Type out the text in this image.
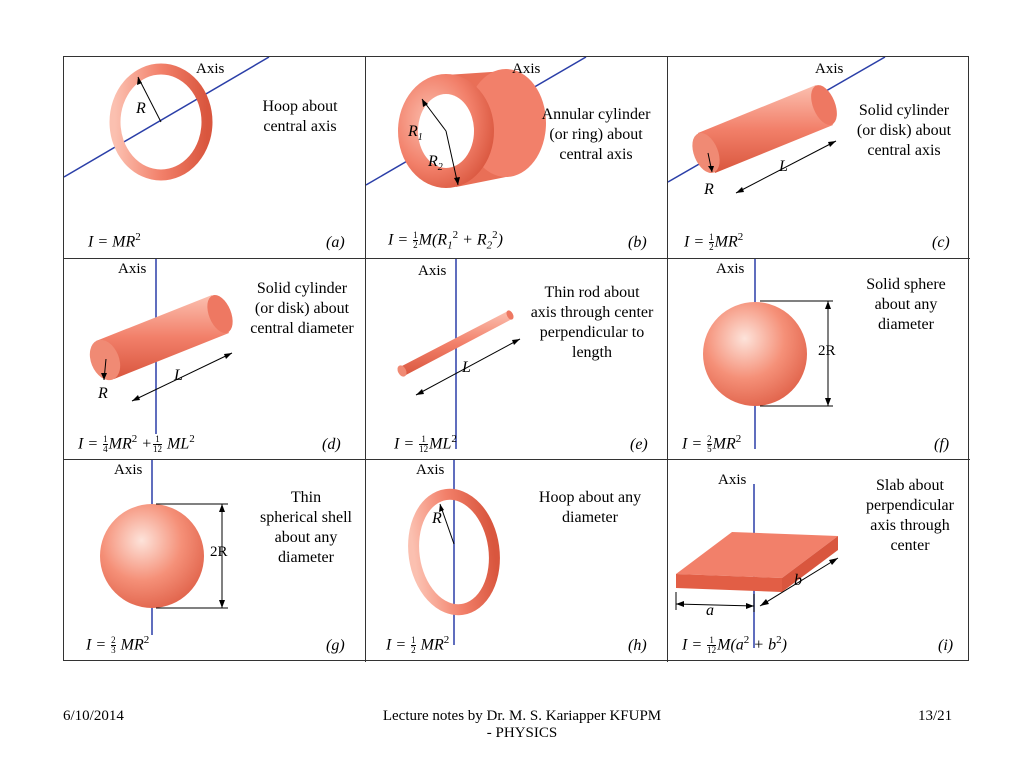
Axis
R	Hoop about
central axis
$I = MR^2$	(a)
Axis
$R_1$
$R_2$
Annular cylinder
(or ring) about
central axis
$I = \frac{1}{2} M(R_1^2 + R_2^2)$	(b)
Axis
R
L
Solid cylinder
(or disk) about
central axis
$I = \frac{1}{2} MR^2$	(c)
Axis
R
L
Solid cylinder
(or disk) about
central diameter
$I = \frac{1}{4} MR^2 + \frac{1}{12} ML^2$	(d)
Axis
L
Thin rod about
axis through center
perpendicular to
length
$I = \frac{1}{12} ML^2$	(e)
Axis
2R
Solid sphere
about any
diameter
$I = \frac{2}{5} MR^2$	(f)
Axis
2R
Thin
spherical shell
about any
diameter
$I = \frac{2}{3} MR^2$	(g)
Axis
R
Hoop about any
diameter
$I = \frac{1}{2} MR^2$	(h)
Axis
a
b
Slab about
perpendicular
axis through
center
$I = \frac{1}{12} M(a^2 + b^2)$	(i)
6/10/2014	Lecture notes by Dr. M. S. Kariapper KFUPM
- PHYSICS
13/21
